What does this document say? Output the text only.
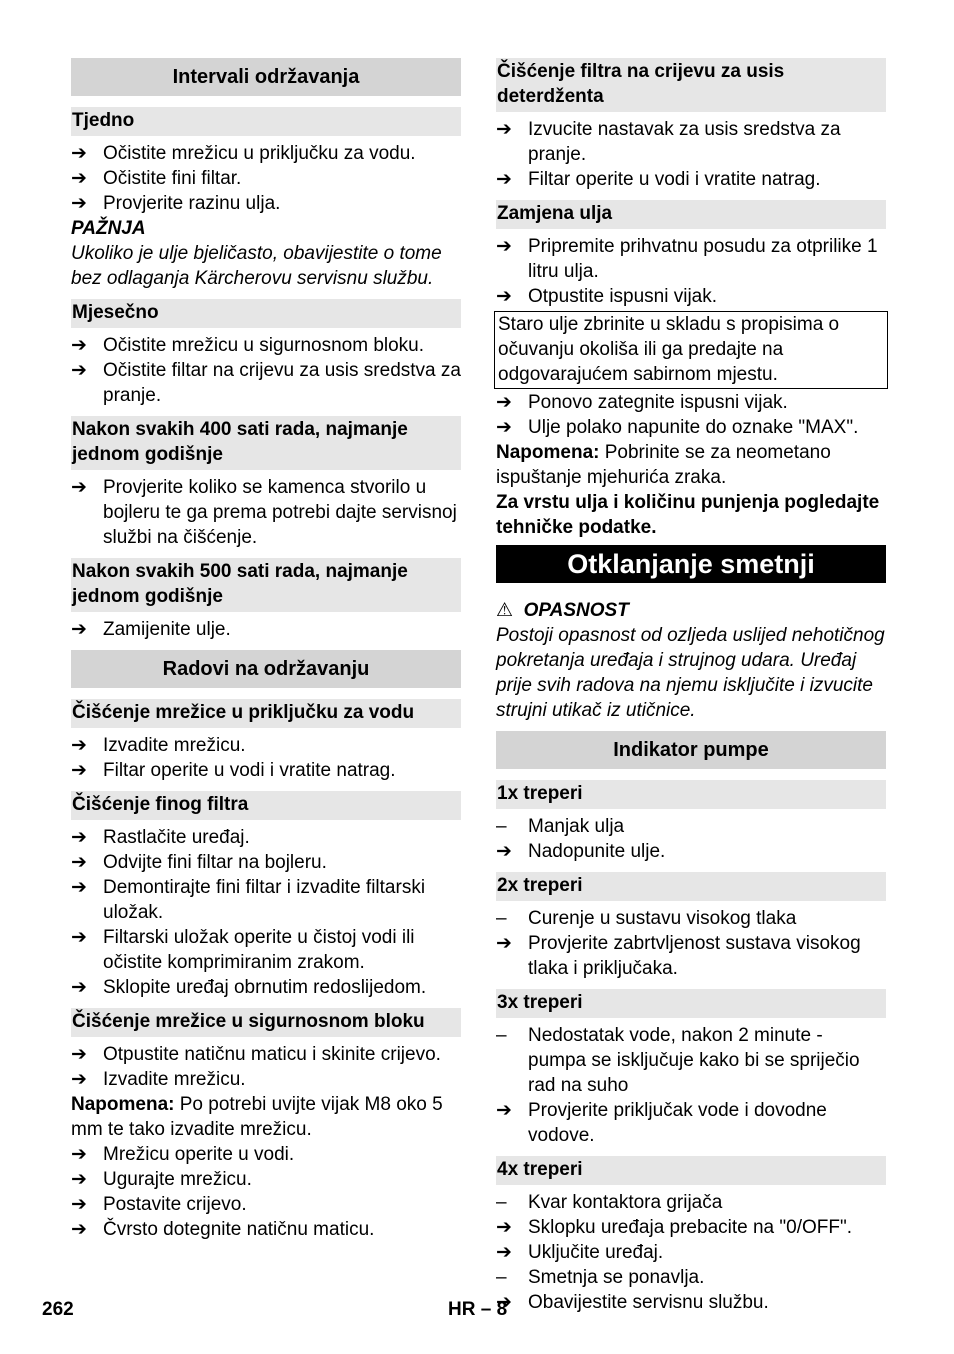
Intervali održavanja
Tjedno
➔
Očistite mrežicu u priključku za vodu.
➔
Očistite fini filtar.
➔
Provjerite razinu ulja.

PAŽNJA

Ukoliko je ulje bjeličasto, obavijestite o tome bez odlaganja Kärcherovu servisnu službu.

Mjesečno
➔
Očistite mrežicu u sigurnosnom bloku.
➔
Očistite filtar na crijevu za usis sredstva za pranje.
Nakon svakih 400 sati rada, najmanje jednom godišnje
➔
Provjerite koliko se kamenca stvorilo u bojleru te ga prema potrebi dajte servisnoj službi na čišćenje.
Nakon svakih 500 sati rada, najmanje jednom godišnje
➔
Zamijenite ulje.
Radovi na održavanju
Čišćenje mrežice u priključku za vodu
➔
Izvadite mrežicu.
➔
Filtar operite u vodi i vratite natrag.
Čišćenje finog filtra
➔
Rastlačite uređaj.
➔
Odvijte fini filtar na bojleru.
➔
Demontirajte fini filtar i izvadite filtarski uložak.
➔
Filtarski uložak operite u čistoj vodi ili očistite komprimiranim zrakom.
➔
Sklopite uređaj obrnutim redoslijedom.
Čišćenje mrežice u sigurnosnom bloku
➔
Otpustite natičnu maticu i skinite crijevo.
➔
Izvadite mrežicu.

Napomena: Po potrebi uvijte vijak M8 oko 5 mm te tako izvadite mrežicu.

➔
Mrežicu operite u vodi.
➔
Ugurajte mrežicu.
➔
Postavite crijevo.
➔
Čvrsto dotegnite natičnu maticu.
Čišćenje filtra na crijevu za usis deterdženta
➔
Izvucite nastavak za usis sredstva za pranje.
➔
Filtar operite u vodi i vratite natrag.
Zamjena ulja
➔
Pripremite prihvatnu posudu za otprilike 1 litru ulja.
➔
Otpustite ispusni vijak.
Staro ulje zbrinite u skladu s propisima o očuvanju okoliša ili ga predajte na odgovarajućem sabirnom mjestu.
➔
Ponovo zategnite ispusni vijak.
➔
Ulje polako napunite do oznake "MAX".

Napomena: Pobrinite se za neometano ispuštanje mjehurića zraka.

Za vrstu ulja i količinu punjenja pogledajte tehničke podatke.

Otklanjanje smetnji

⚠ OPASNOST

Postoji opasnost od ozljeda uslijed nehotičnog pokretanja uređaja i strujnog udara. Uređaj prije svih radova na njemu isključite i izvucite strujni utikač iz utičnice.

Indikator pumpe
1x treperi
–
Manjak ulja
➔
Nadopunite ulje.
2x treperi
–
Curenje u sustavu visokog tlaka
➔
Provjerite zabrtvljenost sustava visokog tlaka i priključaka.
3x treperi
–
Nedostatak vode, nakon 2 minute - pumpa se isključuje kako bi se spriječio rad na suho
➔
Provjerite priključak vode i dovodne vodove.
4x treperi
–
Kvar kontaktora grijača
➔
Sklopku uređaja prebacite na "0/OFF".
➔
Uključite uređaj.
–
Smetnja se ponavlja.
➔
Obavijestite servisnu službu.
262	HR – 8
